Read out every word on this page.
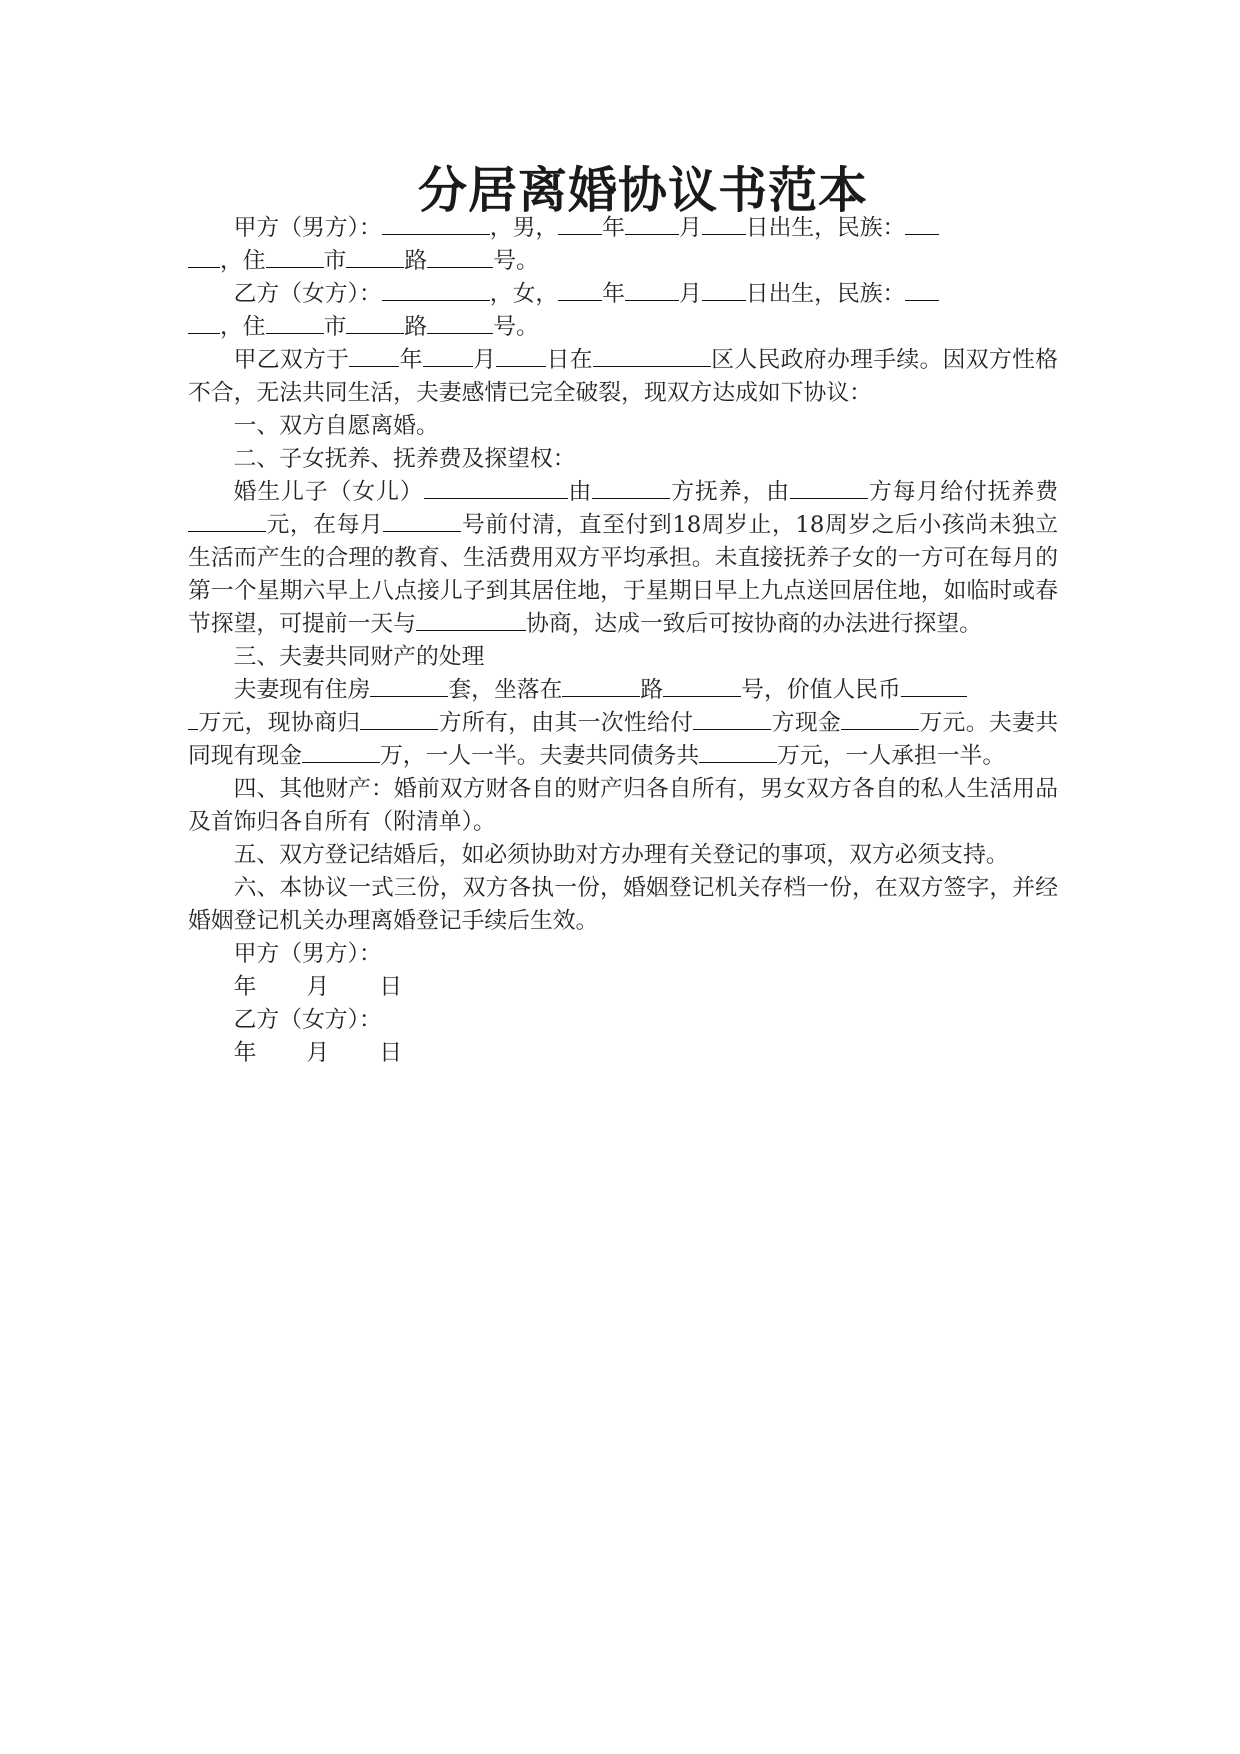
分居离婚协议书范本

甲方（男方）：	，男， 年 月 日出生，民族：
，住	市	路	号。

乙方（女方）：	，女， 年 月 日出生，民族：
，住	市	路	号。

甲乙双方于 年 月 日在	区人民政府办理手续。因双方性格不合，无法共同生活，夫妻感情已完全破裂，现双方达成如下协议：

一、双方自愿离婚。

二、子女抚养、抚养费及探望权：

婚生儿子（女儿）	由	方抚养，由	方每月给付抚养费元，在每月	号前付清，直至付到18周岁止，18周岁之后小孩尚未独立生活而产生的合理的教育、生活费用双方平均承担。未直接抚养子女的一方可在每月的第一个星期六早上八点接儿子到其居住地，于星期日早上九点送回居住地，如临时或春节探望，可提前一天与	协商，达成一致后可按协商的办法进行探望。

三、夫妻共同财产的处理

夫妻现有住房	套，坐落在	路	号，价值人民币
万元，现协商归	方所有，由其一次性给付	方现金	万元。夫妻共同现有现金	万，一人一半。夫妻共同债务共	万元，一人承担一半。

四、其他财产：婚前双方财各自的财产归各自所有，男女双方各自的私人生活用品及首饰归各自所有（附清单）。

五、双方登记结婚后，如必须协助对方办理有关登记的事项，双方必须支持。

六、本协议一式三份，双方各执一份，婚姻登记机关存档一份，在双方签字，并经婚姻登记机关办理离婚登记手续后生效。

甲方（男方）：

年 月 日

乙方（女方）：

年 月 日
